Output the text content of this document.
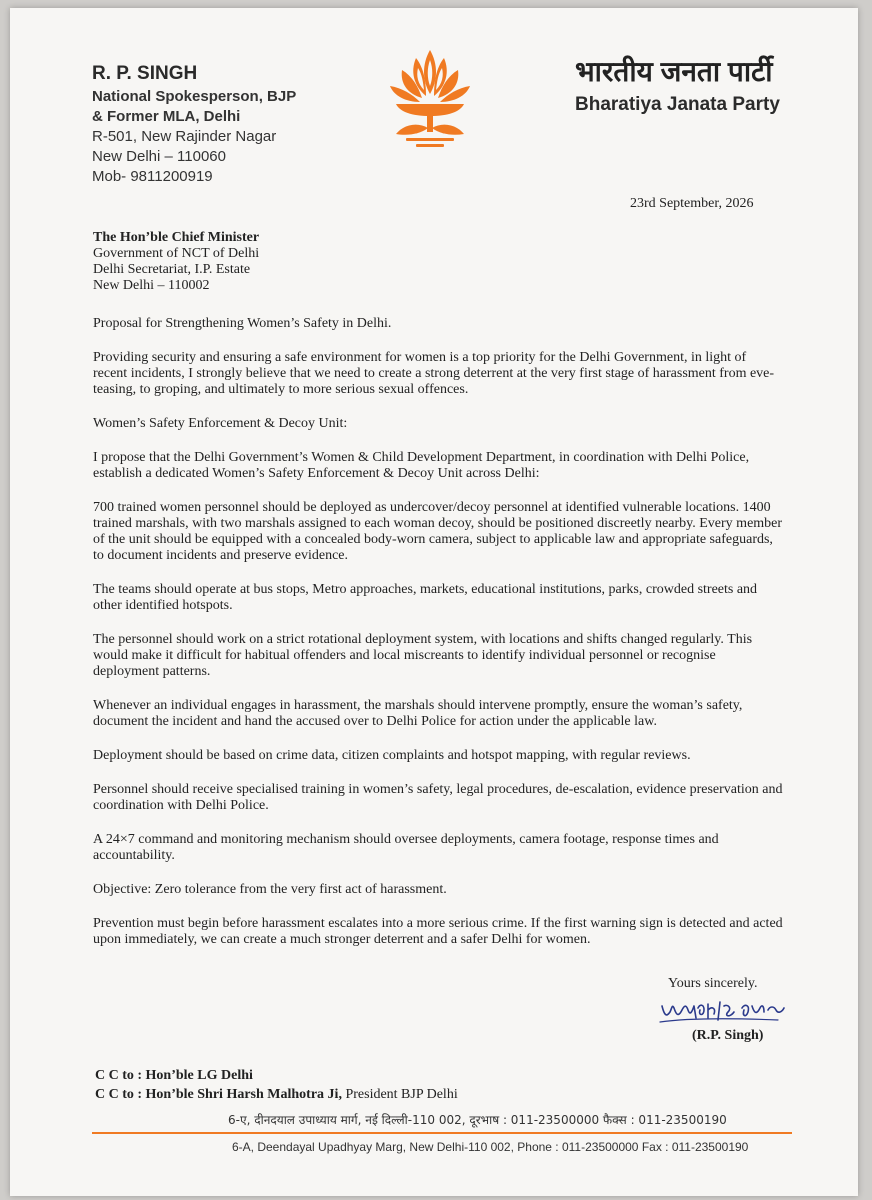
R. P. SINGH
National Spokesperson, BJP
& Former MLA, Delhi
R-501, New Rajinder Nagar
New Delhi – 110060
Mob- 9811200919
भारतीय जनता पार्टी
Bharatiya Janata Party
23rd September, 2026
The Hon’ble Chief Minister
Government of NCT of Delhi
Delhi Secretariat, I.P. Estate
New Delhi – 110002

Proposal for Strengthening Women’s Safety in Delhi.

Providing security and ensuring a safe environment for women is a top priority for the Delhi Government, in light of recent incidents, I strongly believe that we need to create a strong deterrent at the very first stage of harassment from eve-teasing, to groping, and ultimately to more serious sexual offences.

Women’s Safety Enforcement & Decoy Unit:

I propose that the Delhi Government’s Women & Child Development Department, in coordination with Delhi Police, establish a dedicated Women’s Safety Enforcement & Decoy Unit across Delhi:

700 trained women personnel should be deployed as undercover/decoy personnel at identified vulnerable locations. 1400 trained marshals, with two marshals assigned to each woman decoy, should be positioned discreetly nearby. Every member of the unit should be equipped with a concealed body-worn camera, subject to applicable law and appropriate safeguards, to document incidents and preserve evidence.

The teams should operate at bus stops, Metro approaches, markets, educational institutions, parks, crowded streets and other identified hotspots.

The personnel should work on a strict rotational deployment system, with locations and shifts changed regularly. This would make it difficult for habitual offenders and local miscreants to identify individual personnel or recognise deployment patterns.

Whenever an individual engages in harassment, the marshals should intervene promptly, ensure the woman’s safety, document the incident and hand the accused over to Delhi Police for action under the applicable law.

Deployment should be based on crime data, citizen complaints and hotspot mapping, with regular reviews.

Personnel should receive specialised training in women’s safety, legal procedures, de-escalation, evidence preservation and coordination with Delhi Police.

A 24×7 command and monitoring mechanism should oversee deployments, camera footage, response times and accountability.

Objective: Zero tolerance from the very first act of harassment.

Prevention must begin before harassment escalates into a more serious crime. If the first warning sign is detected and acted upon immediately, we can create a much stronger deterrent and a safer Delhi for women.

Yours sincerely.
(R.P. Singh)
C C to : Hon’ble LG Delhi
C C to : Hon’ble Shri Harsh Malhotra Ji, President BJP Delhi
6-ए, दीनदयाल उपाध्याय मार्ग, नई दिल्ली-110 002, दूरभाष : 011-23500000 फैक्स : 011-23500190
6-A, Deendayal Upadhyay Marg, New Delhi-110 002, Phone : 011-23500000 Fax : 011-23500190
